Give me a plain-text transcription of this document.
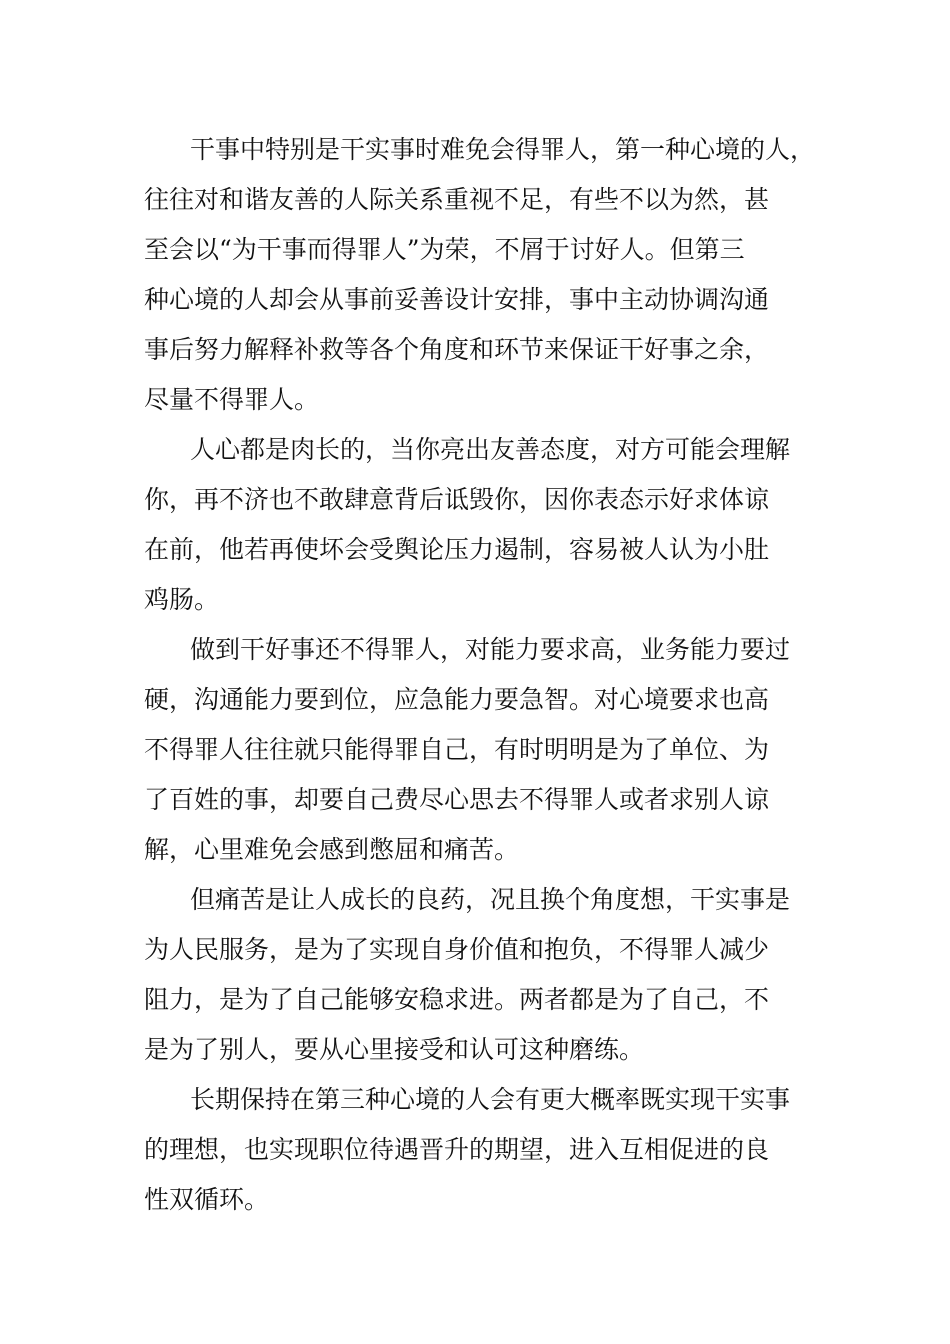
干事中特别是干实事时难免会得罪人，第一种心境的人，
往往对和谐友善的人际关系重视不足，有些不以为然，甚
至会以“为干事而得罪人”为荣，不屑于讨好人。但第三
种心境的人却会从事前妥善设计安排，事中主动协调沟通
事后努力解释补救等各个角度和环节来保证干好事之余，
尽量不得罪人。
人心都是肉长的，当你亮出友善态度，对方可能会理解
你，再不济也不敢肆意背后诋毁你，因你表态示好求体谅
在前，他若再使坏会受舆论压力遏制，容易被人认为小肚
鸡肠。
做到干好事还不得罪人，对能力要求高，业务能力要过
硬，沟通能力要到位，应急能力要急智。对心境要求也高
不得罪人往往就只能得罪自己，有时明明是为了单位、为
了百姓的事，却要自己费尽心思去不得罪人或者求别人谅
解，心里难免会感到憋屈和痛苦。
但痛苦是让人成长的良药，况且换个角度想，干实事是
为人民服务，是为了实现自身价值和抱负，不得罪人减少
阻力，是为了自己能够安稳求进。两者都是为了自己，不
是为了别人，要从心里接受和认可这种磨练。
长期保持在第三种心境的人会有更大概率既实现干实事
的理想，也实现职位待遇晋升的期望，进入互相促进的良
性双循环。
